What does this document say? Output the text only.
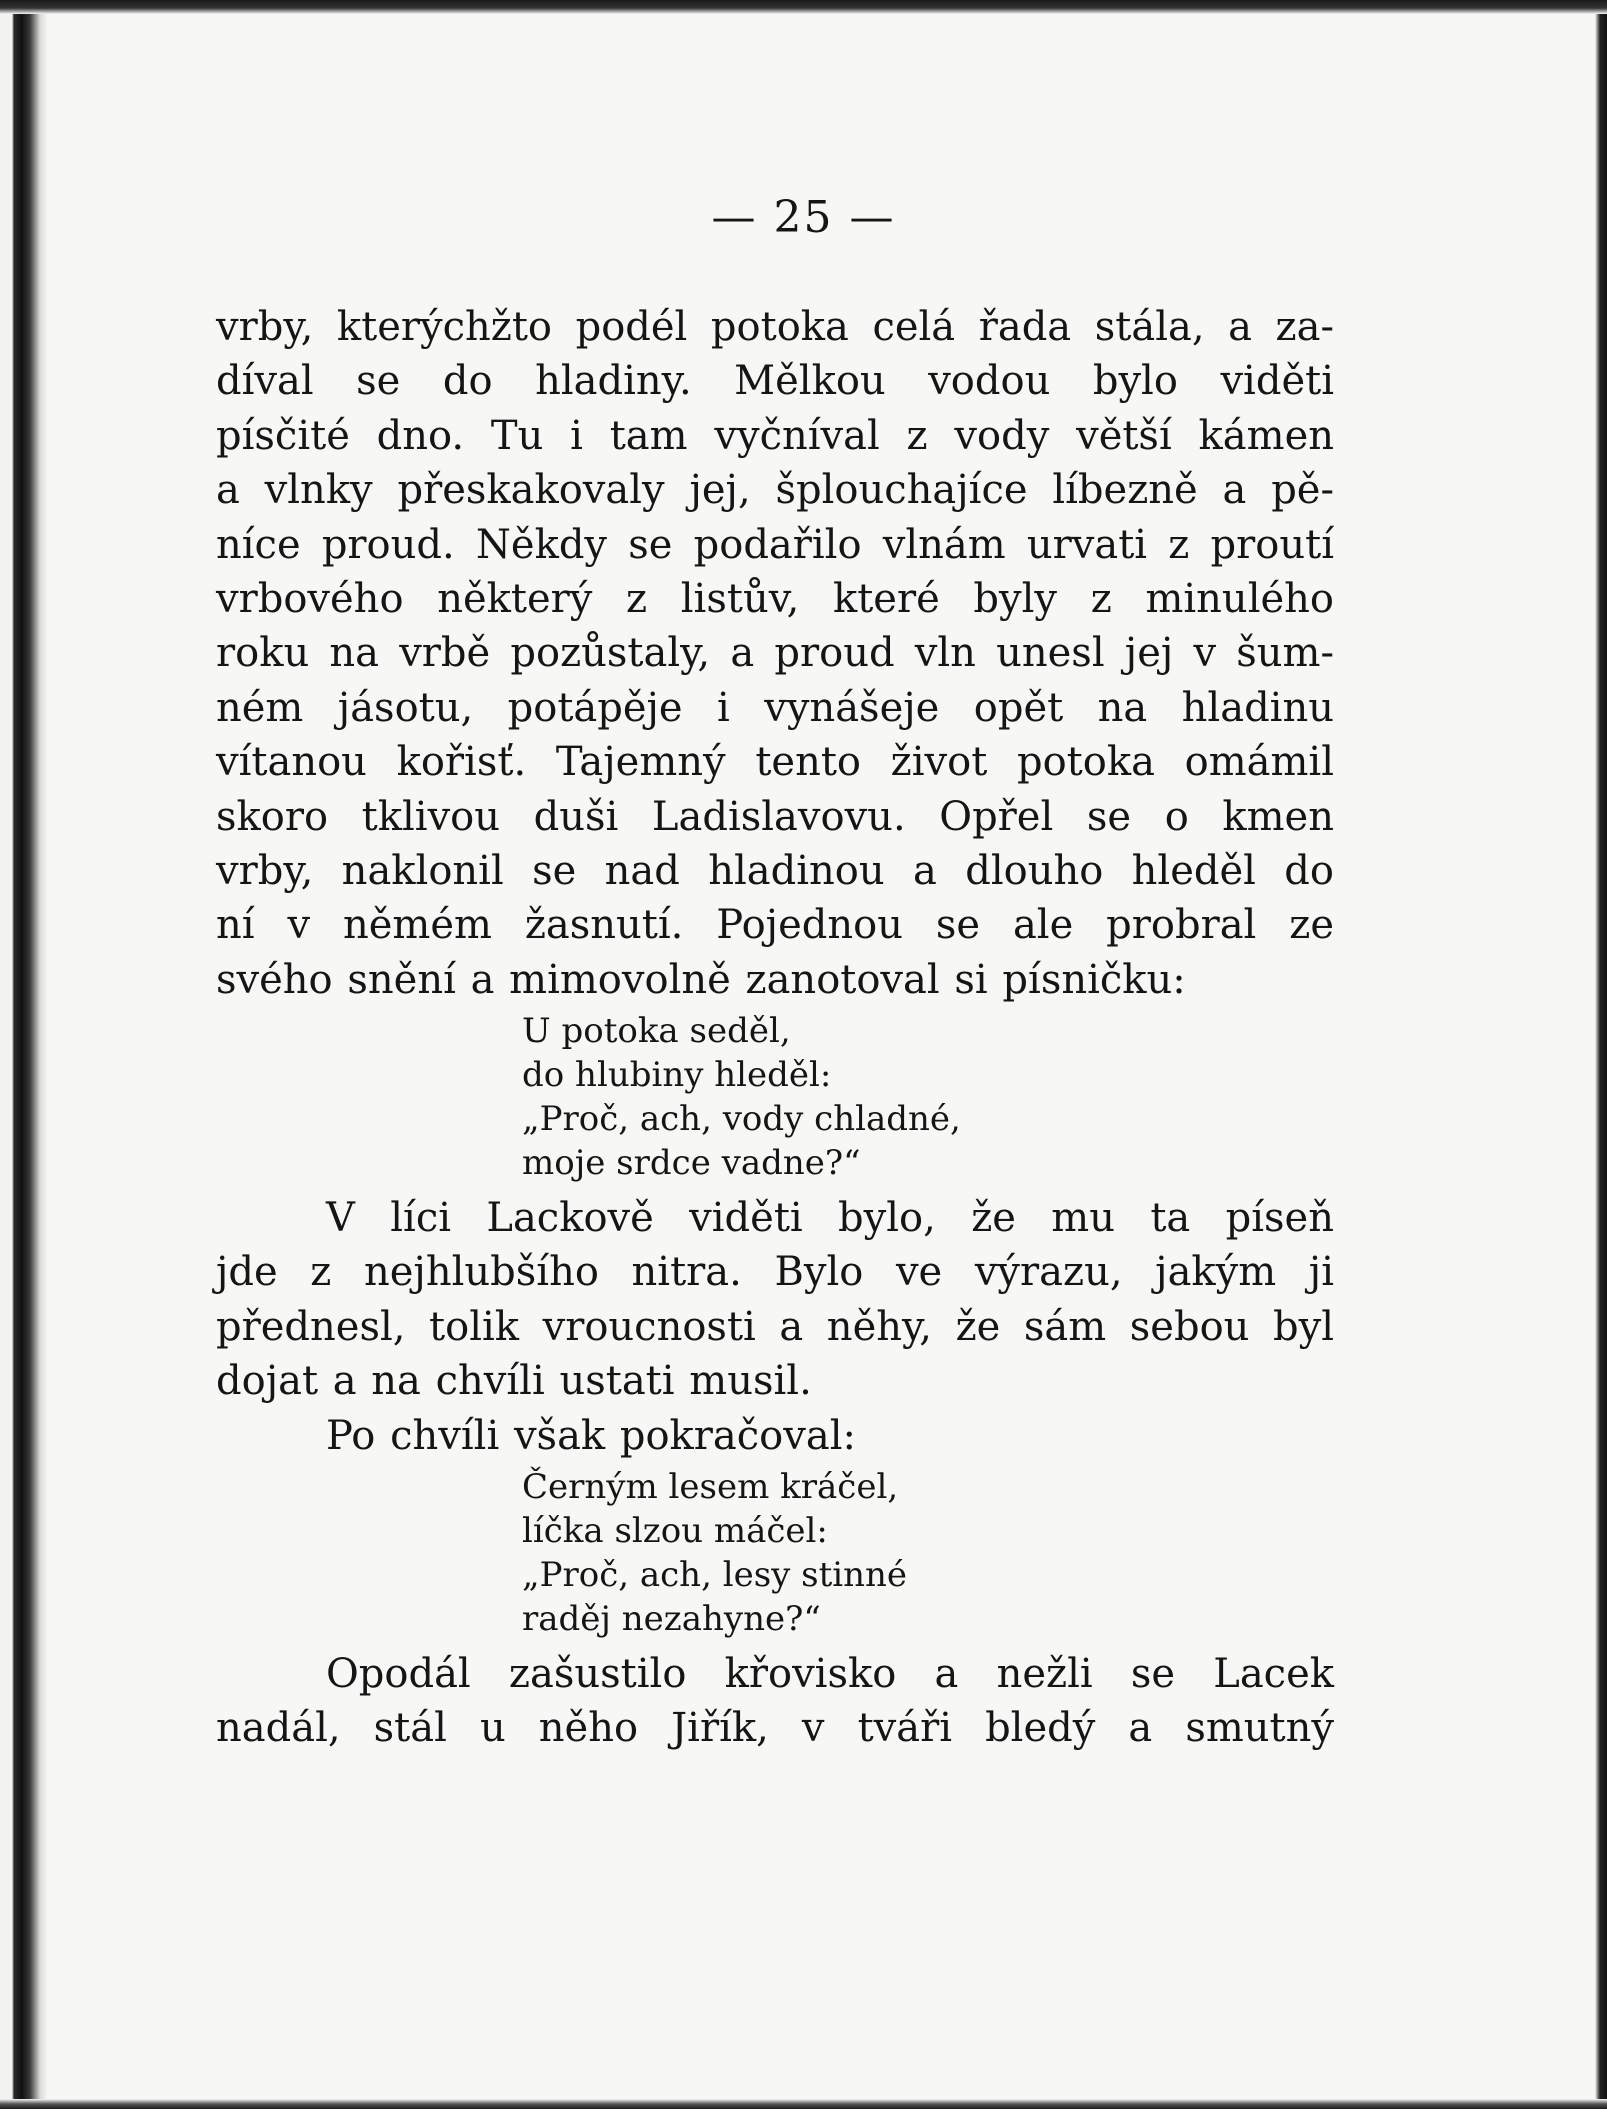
— 25 —
vrby, kterýchžto podél potoka celá řada stála, a za-
díval se do hladiny. Mělkou vodou bylo viděti
písčité dno. Tu i tam vyčníval z vody větší kámen
a vlnky přeskakovaly jej, šplouchajíce líbezně a pě-
níce proud. Někdy se podařilo vlnám urvati z proutí
vrbového některý z listův, které byly z minulého
roku na vrbě pozůstaly, a proud vln unesl jej v šum-
ném jásotu, potápěje i vynášeje opět na hladinu
vítanou kořisť. Tajemný tento život potoka omámil
skoro tklivou duši Ladislavovu. Opřel se o kmen
vrby, naklonil se nad hladinou a dlouho hleděl do
ní v němém žasnutí. Pojednou se ale probral ze
svého snění a mimovolně zanotoval si písničku:
U potoka seděl,
do hlubiny hleděl:
„Proč, ach, vody chladné,
moje srdce vadne?“
V líci Lackově viděti bylo, že mu ta píseň
jde z nejhlubšího nitra. Bylo ve výrazu, jakým ji
přednesl, tolik vroucnosti a něhy, že sám sebou byl
dojat a na chvíli ustati musil.
Po chvíli však pokračoval:
Černým lesem kráčel,
líčka slzou máčel:
„Proč, ach, lesy stinné
raděj nezahyne?“
Opodál zašustilo křovisko a nežli se Lacek
nadál, stál u něho Jiřík, v tváři bledý a smutný
